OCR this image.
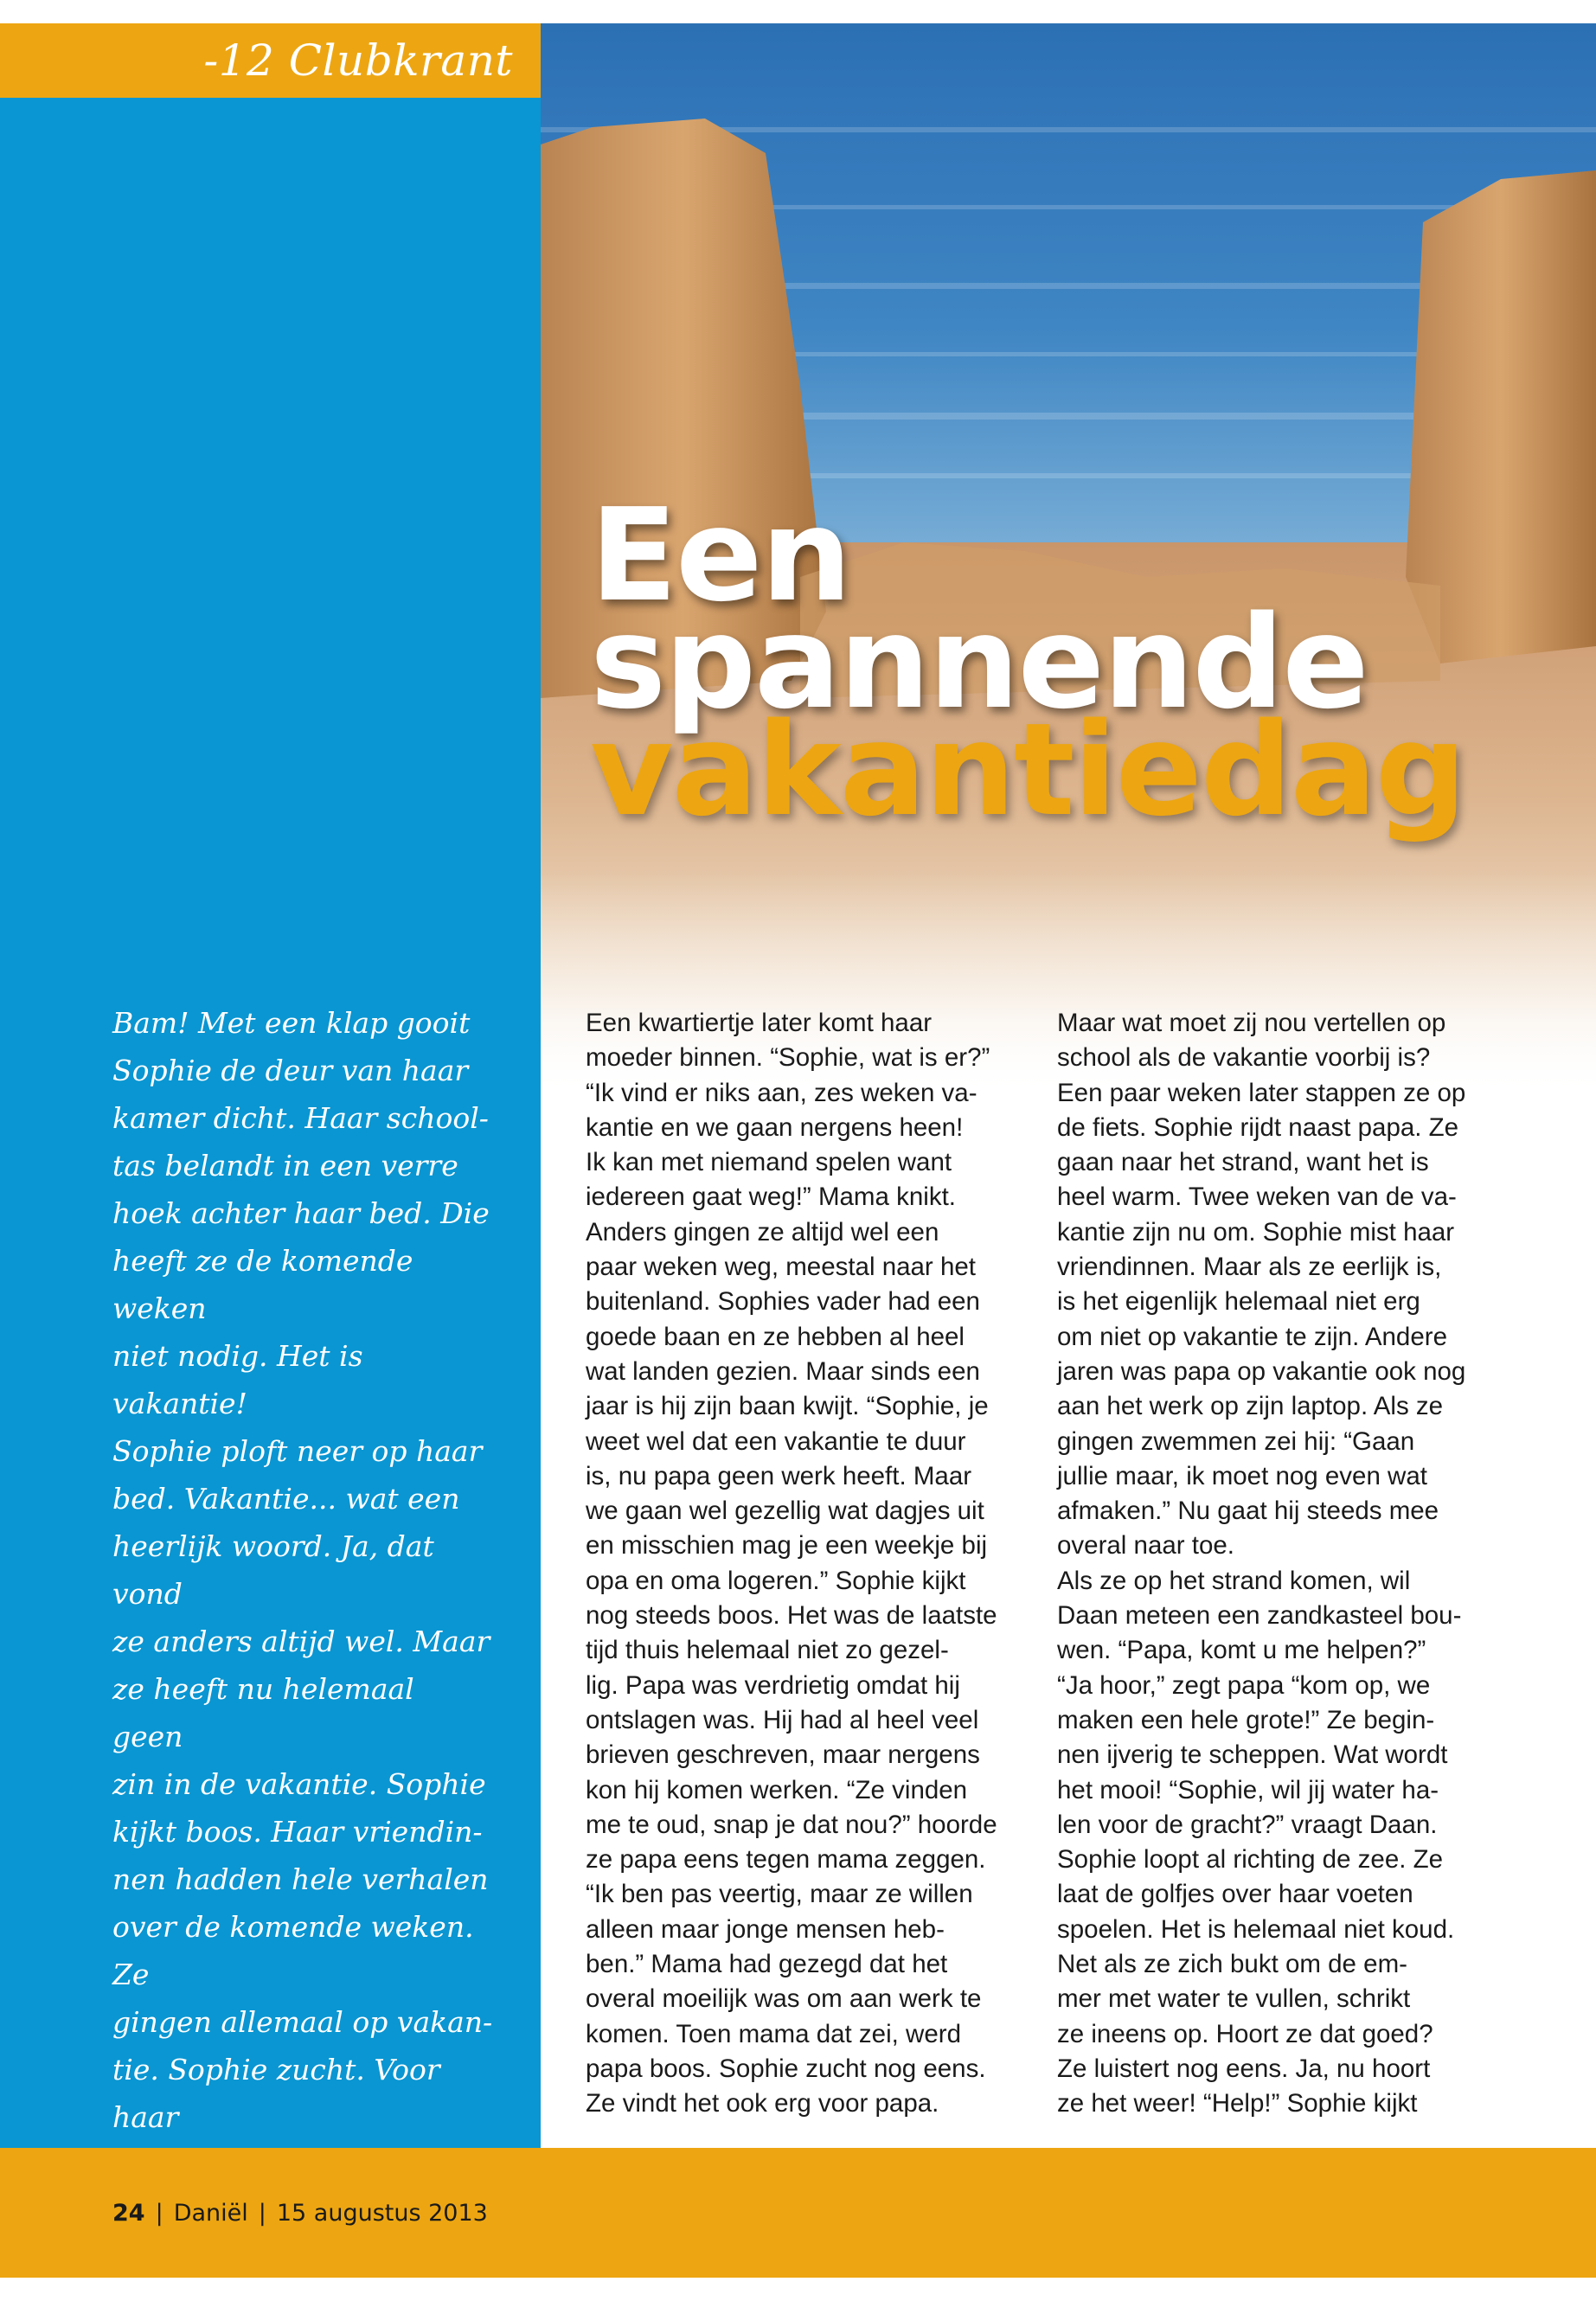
-12 Clubkrant

Bam! Met een klap gooit
Sophie de deur van haar
kamer dicht. Haar school-
tas belandt in een verre
hoek achter haar bed. Die
heeft ze de komende weken
niet nodig. Het is vakantie!
Sophie ploft neer op haar
bed. Vakantie... wat een
heerlijk woord. Ja, dat vond
ze anders altijd wel. Maar
ze heeft nu helemaal geen
zin in de vakantie. Sophie
kijkt boos. Haar vriendin-
nen hadden hele verhalen
over de komende weken. Ze
gingen allemaal op vakan-
tie. Sophie zucht. Voor haar

Een
spannende
vakantiedag

Een kwartiertje later komt haar
moeder binnen. “Sophie, wat is er?”
“Ik vind er niks aan, zes weken va-
kantie en we gaan nergens heen!
Ik kan met niemand spelen want
iedereen gaat weg!” Mama knikt.
Anders gingen ze altijd wel een
paar weken weg, meestal naar het
buitenland. Sophies vader had een
goede baan en ze hebben al heel
wat landen gezien. Maar sinds een
jaar is hij zijn baan kwijt. “Sophie, je
weet wel dat een vakantie te duur
is, nu papa geen werk heeft. Maar
we gaan wel gezellig wat dagjes uit
en misschien mag je een weekje bij
opa en oma logeren.” Sophie kijkt
nog steeds boos. Het was de laatste
tijd thuis helemaal niet zo gezel-
lig. Papa was verdrietig omdat hij
ontslagen was. Hij had al heel veel
brieven geschreven, maar nergens
kon hij komen werken. “Ze vinden
me te oud, snap je dat nou?” hoorde
ze papa eens tegen mama zeggen.
“Ik ben pas veertig, maar ze willen
alleen maar jonge mensen heb-
ben.” Mama had gezegd dat het
overal moeilijk was om aan werk te
komen. Toen mama dat zei, werd
papa boos. Sophie zucht nog eens.
Ze vindt het ook erg voor papa.

Maar wat moet zij nou vertellen op
school als de vakantie voorbij is?
Een paar weken later stappen ze op
de fiets. Sophie rijdt naast papa. Ze
gaan naar het strand, want het is
heel warm. Twee weken van de va-
kantie zijn nu om. Sophie mist haar
vriendinnen. Maar als ze eerlijk is,
is het eigenlijk helemaal niet erg
om niet op vakantie te zijn. Andere
jaren was papa op vakantie ook nog
aan het werk op zijn laptop. Als ze
gingen zwemmen zei hij: “Gaan
jullie maar, ik moet nog even wat
afmaken.” Nu gaat hij steeds mee
overal naar toe.
Als ze op het strand komen, wil
Daan meteen een zandkasteel bou-
wen. “Papa, komt u me helpen?”
“Ja hoor,” zegt papa “kom op, we
maken een hele grote!” Ze begin-
nen ijverig te scheppen. Wat wordt
het mooi! “Sophie, wil jij water ha-
len voor de gracht?” vraagt Daan.
Sophie loopt al richting de zee. Ze
laat de golfjes over haar voeten
spoelen. Het is helemaal niet koud.
Net als ze zich bukt om de em-
mer met water te vullen, schrikt
ze ineens op. Hoort ze dat goed?
Ze luistert nog eens. Ja, nu hoort
ze het weer! “Help!” Sophie kijkt

24 | Daniël | 15 augustus 2013
